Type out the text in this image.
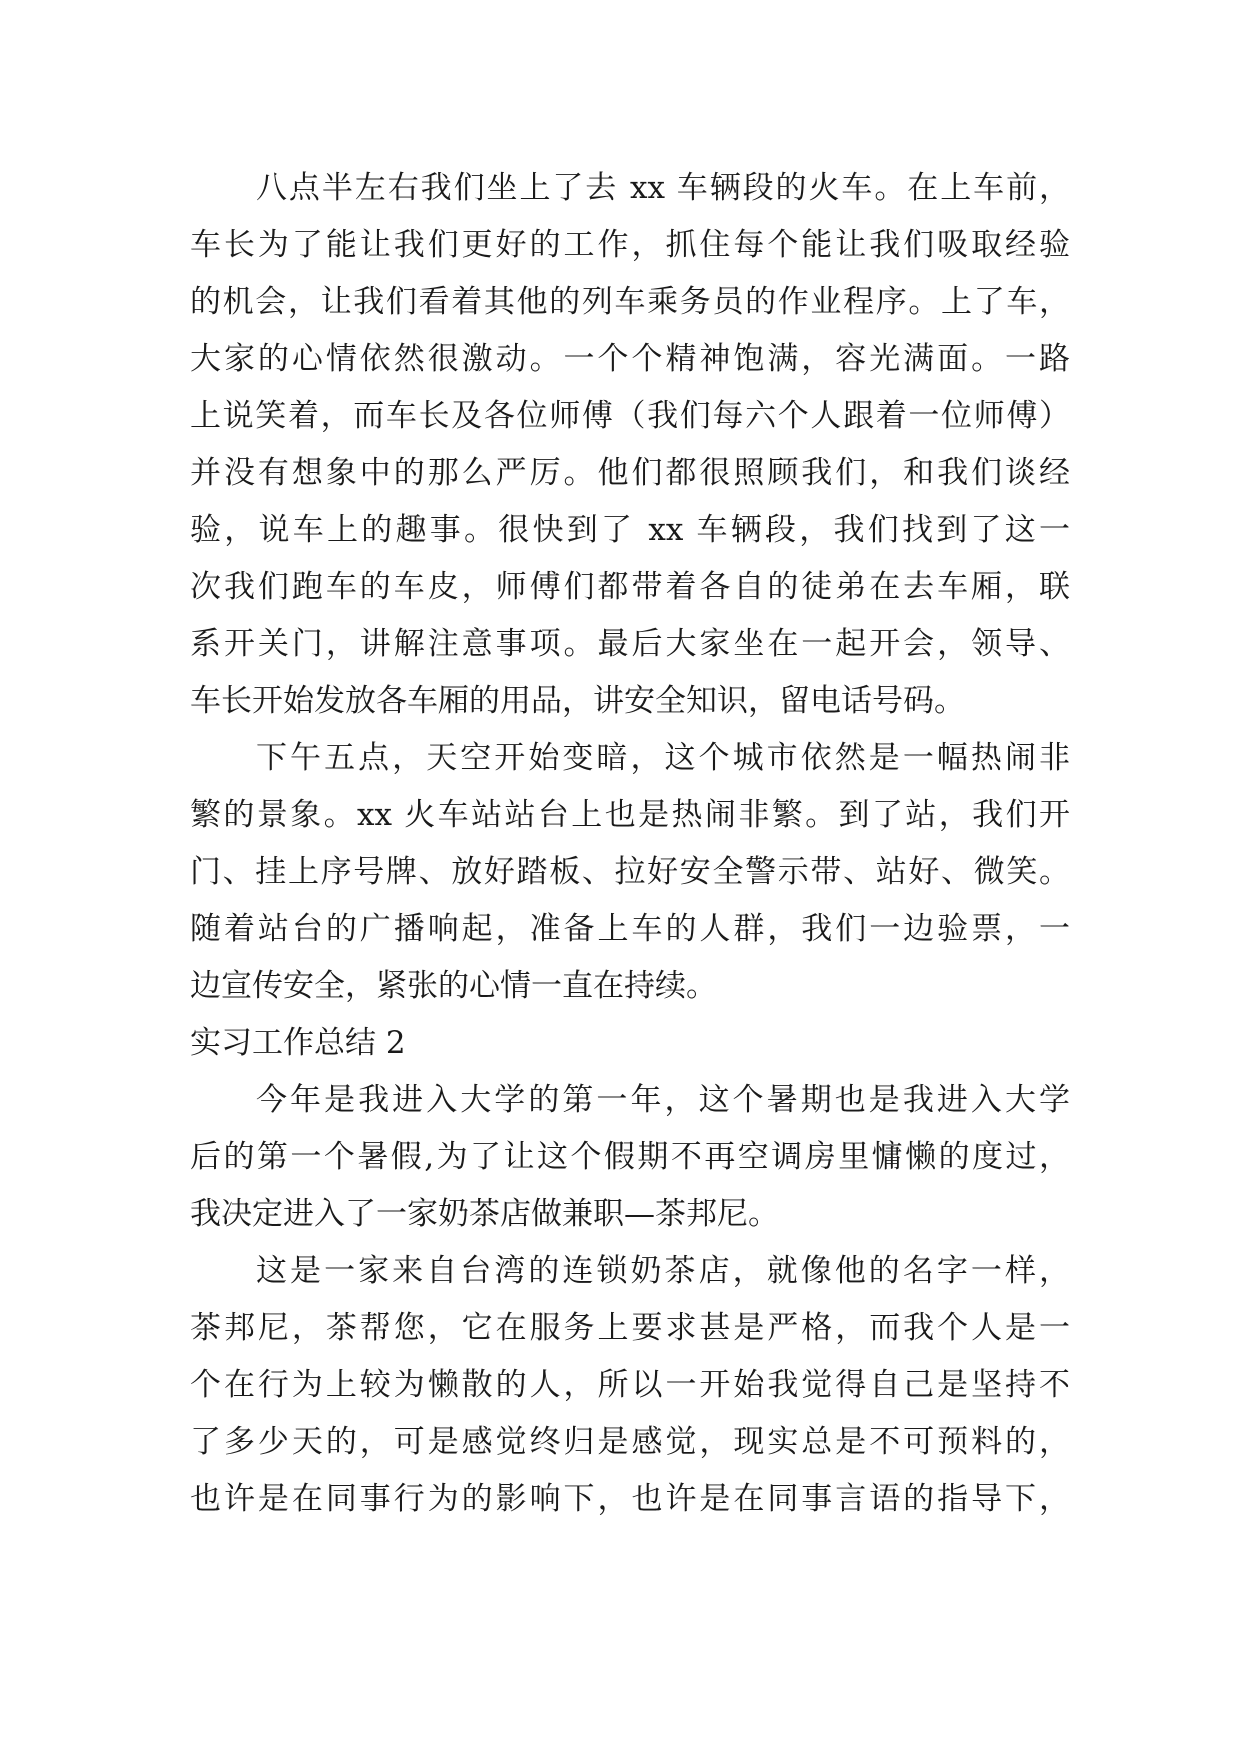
八点半左右我们坐上了去 xx 车辆段的火车。在上车前，
车长为了能让我们更好的工作，抓住每个能让我们吸取经验
的机会，让我们看着其他的列车乘务员的作业程序。上了车，
大家的心情依然很激动。一个个精神饱满，容光满面。一路
上说笑着，而车长及各位师傅（我们每六个人跟着一位师傅）
并没有想象中的那么严厉。他们都很照顾我们，和我们谈经
验，说车上的趣事。很快到了 xx 车辆段，我们找到了这一
次我们跑车的车皮，师傅们都带着各自的徒弟在去车厢，联
系开关门，讲解注意事项。最后大家坐在一起开会，领导、
车长开始发放各车厢的用品，讲安全知识，留电话号码。
下午五点，天空开始变暗，这个城市依然是一幅热闹非
繁的景象。xx 火车站站台上也是热闹非繁。到了站，我们开
门、挂上序号牌、放好踏板、拉好安全警示带、站好、微笑。
随着站台的广播响起，准备上车的人群，我们一边验票，一
边宣传安全，紧张的心情一直在持续。
实习工作总结 2
今年是我进入大学的第一年，这个暑期也是我进入大学
后的第一个暑假,为了让这个假期不再空调房里慵懒的度过，
我决定进入了一家奶茶店做兼职—茶邦尼。
这是一家来自台湾的连锁奶茶店，就像他的名字一样，
茶邦尼，茶帮您，它在服务上要求甚是严格，而我个人是一
个在行为上较为懒散的人，所以一开始我觉得自己是坚持不
了多少天的，可是感觉终归是感觉，现实总是不可预料的，
也许是在同事行为的影响下，也许是在同事言语的指导下，
